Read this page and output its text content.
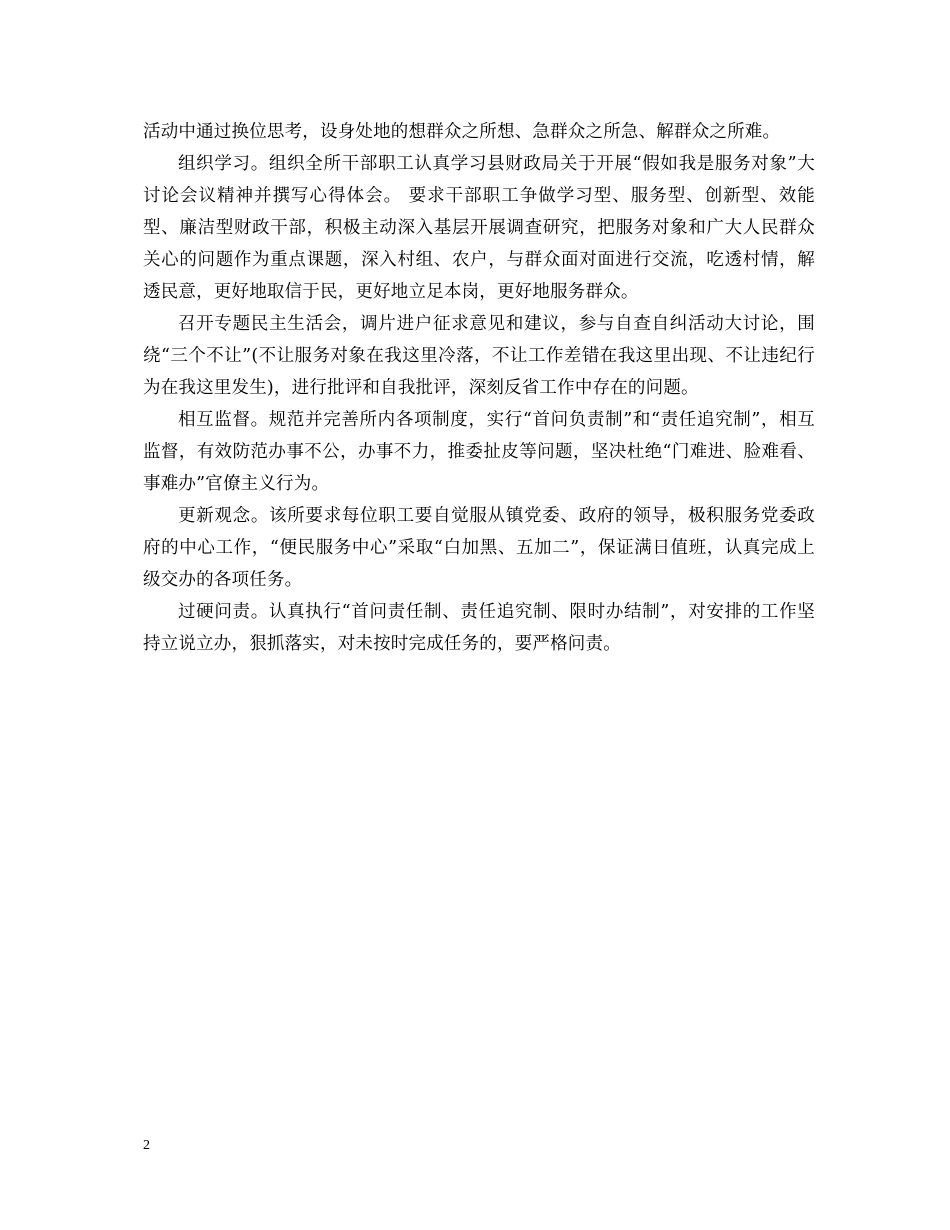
活动中通过换位思考，设身处地的想群众之所想、急群众之所急、解群众之所难。

组织学习。组织全所干部职工认真学习县财政局关于开展“假如我是服务对象”大讨论会议精神并撰写心得体会。 要求干部职工争做学习型、服务型、创新型、效能型、廉洁型财政干部，积极主动深入基层开展调查研究，把服务对象和广大人民群众关心的问题作为重点课题，深入村组、农户，与群众面对面进行交流，吃透村情，解透民意，更好地取信于民，更好地立足本岗，更好地服务群众。

召开专题民主生活会，调片进户征求意见和建议，参与自查自纠活动大讨论，围绕“三个不让”(不让服务对象在我这里冷落，不让工作差错在我这里出现、不让违纪行为在我这里发生)，进行批评和自我批评，深刻反省工作中存在的问题。

相互监督。规范并完善所内各项制度，实行“首问负责制”和“责任追究制”，相互监督，有效防范办事不公，办事不力，推委扯皮等问题，坚决杜绝“门难进、脸难看、事难办”官僚主义行为。

更新观念。该所要求每位职工要自觉服从镇党委、政府的领导，极积服务党委政府的中心工作，“便民服务中心”采取“白加黑、五加二”，保证满日值班，认真完成上级交办的各项任务。

过硬问责。认真执行“首问责任制、责任追究制、限时办结制”，对安排的工作坚持立说立办，狠抓落实，对未按时完成任务的，要严格问责。

2
